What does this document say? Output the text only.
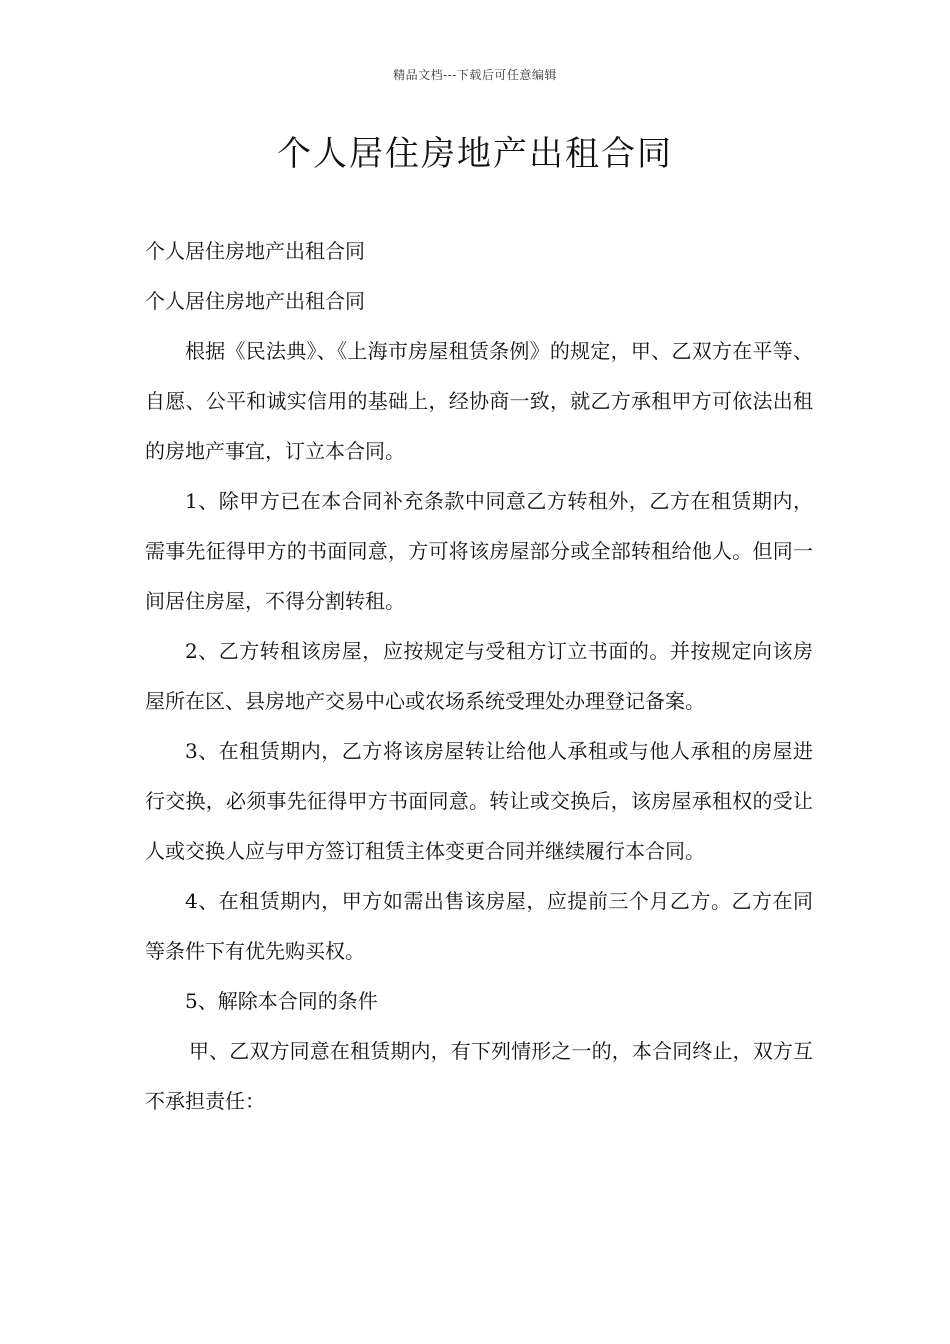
精品文档---下载后可任意编辑
个人居住房地产出租合同

个人居住房地产出租合同

个人居住房地产出租合同

根据《民法典》、《上海市房屋租赁条例》的规定，甲、乙双方在平等、自愿、公平和诚实信用的基础上，经协商一致，就乙方承租甲方可依法出租的房地产事宜，订立本合同。

1、除甲方已在本合同补充条款中同意乙方转租外，乙方在租赁期内，需事先征得甲方的书面同意，方可将该房屋部分或全部转租给他人。但同一间居住房屋，不得分割转租。

2、乙方转租该房屋，应按规定与受租方订立书面的。并按规定向该房屋所在区、县房地产交易中心或农场系统受理处办理登记备案。

3、在租赁期内，乙方将该房屋转让给他人承租或与他人承租的房屋进行交换，必须事先征得甲方书面同意。转让或交换后，该房屋承租权的受让人或交换人应与甲方签订租赁主体变更合同并继续履行本合同。

4、在租赁期内，甲方如需出售该房屋，应提前三个月乙方。乙方在同等条件下有优先购买权。

5、解除本合同的条件

甲、乙双方同意在租赁期内，有下列情形之一的，本合同终止，双方互不承担责任：
